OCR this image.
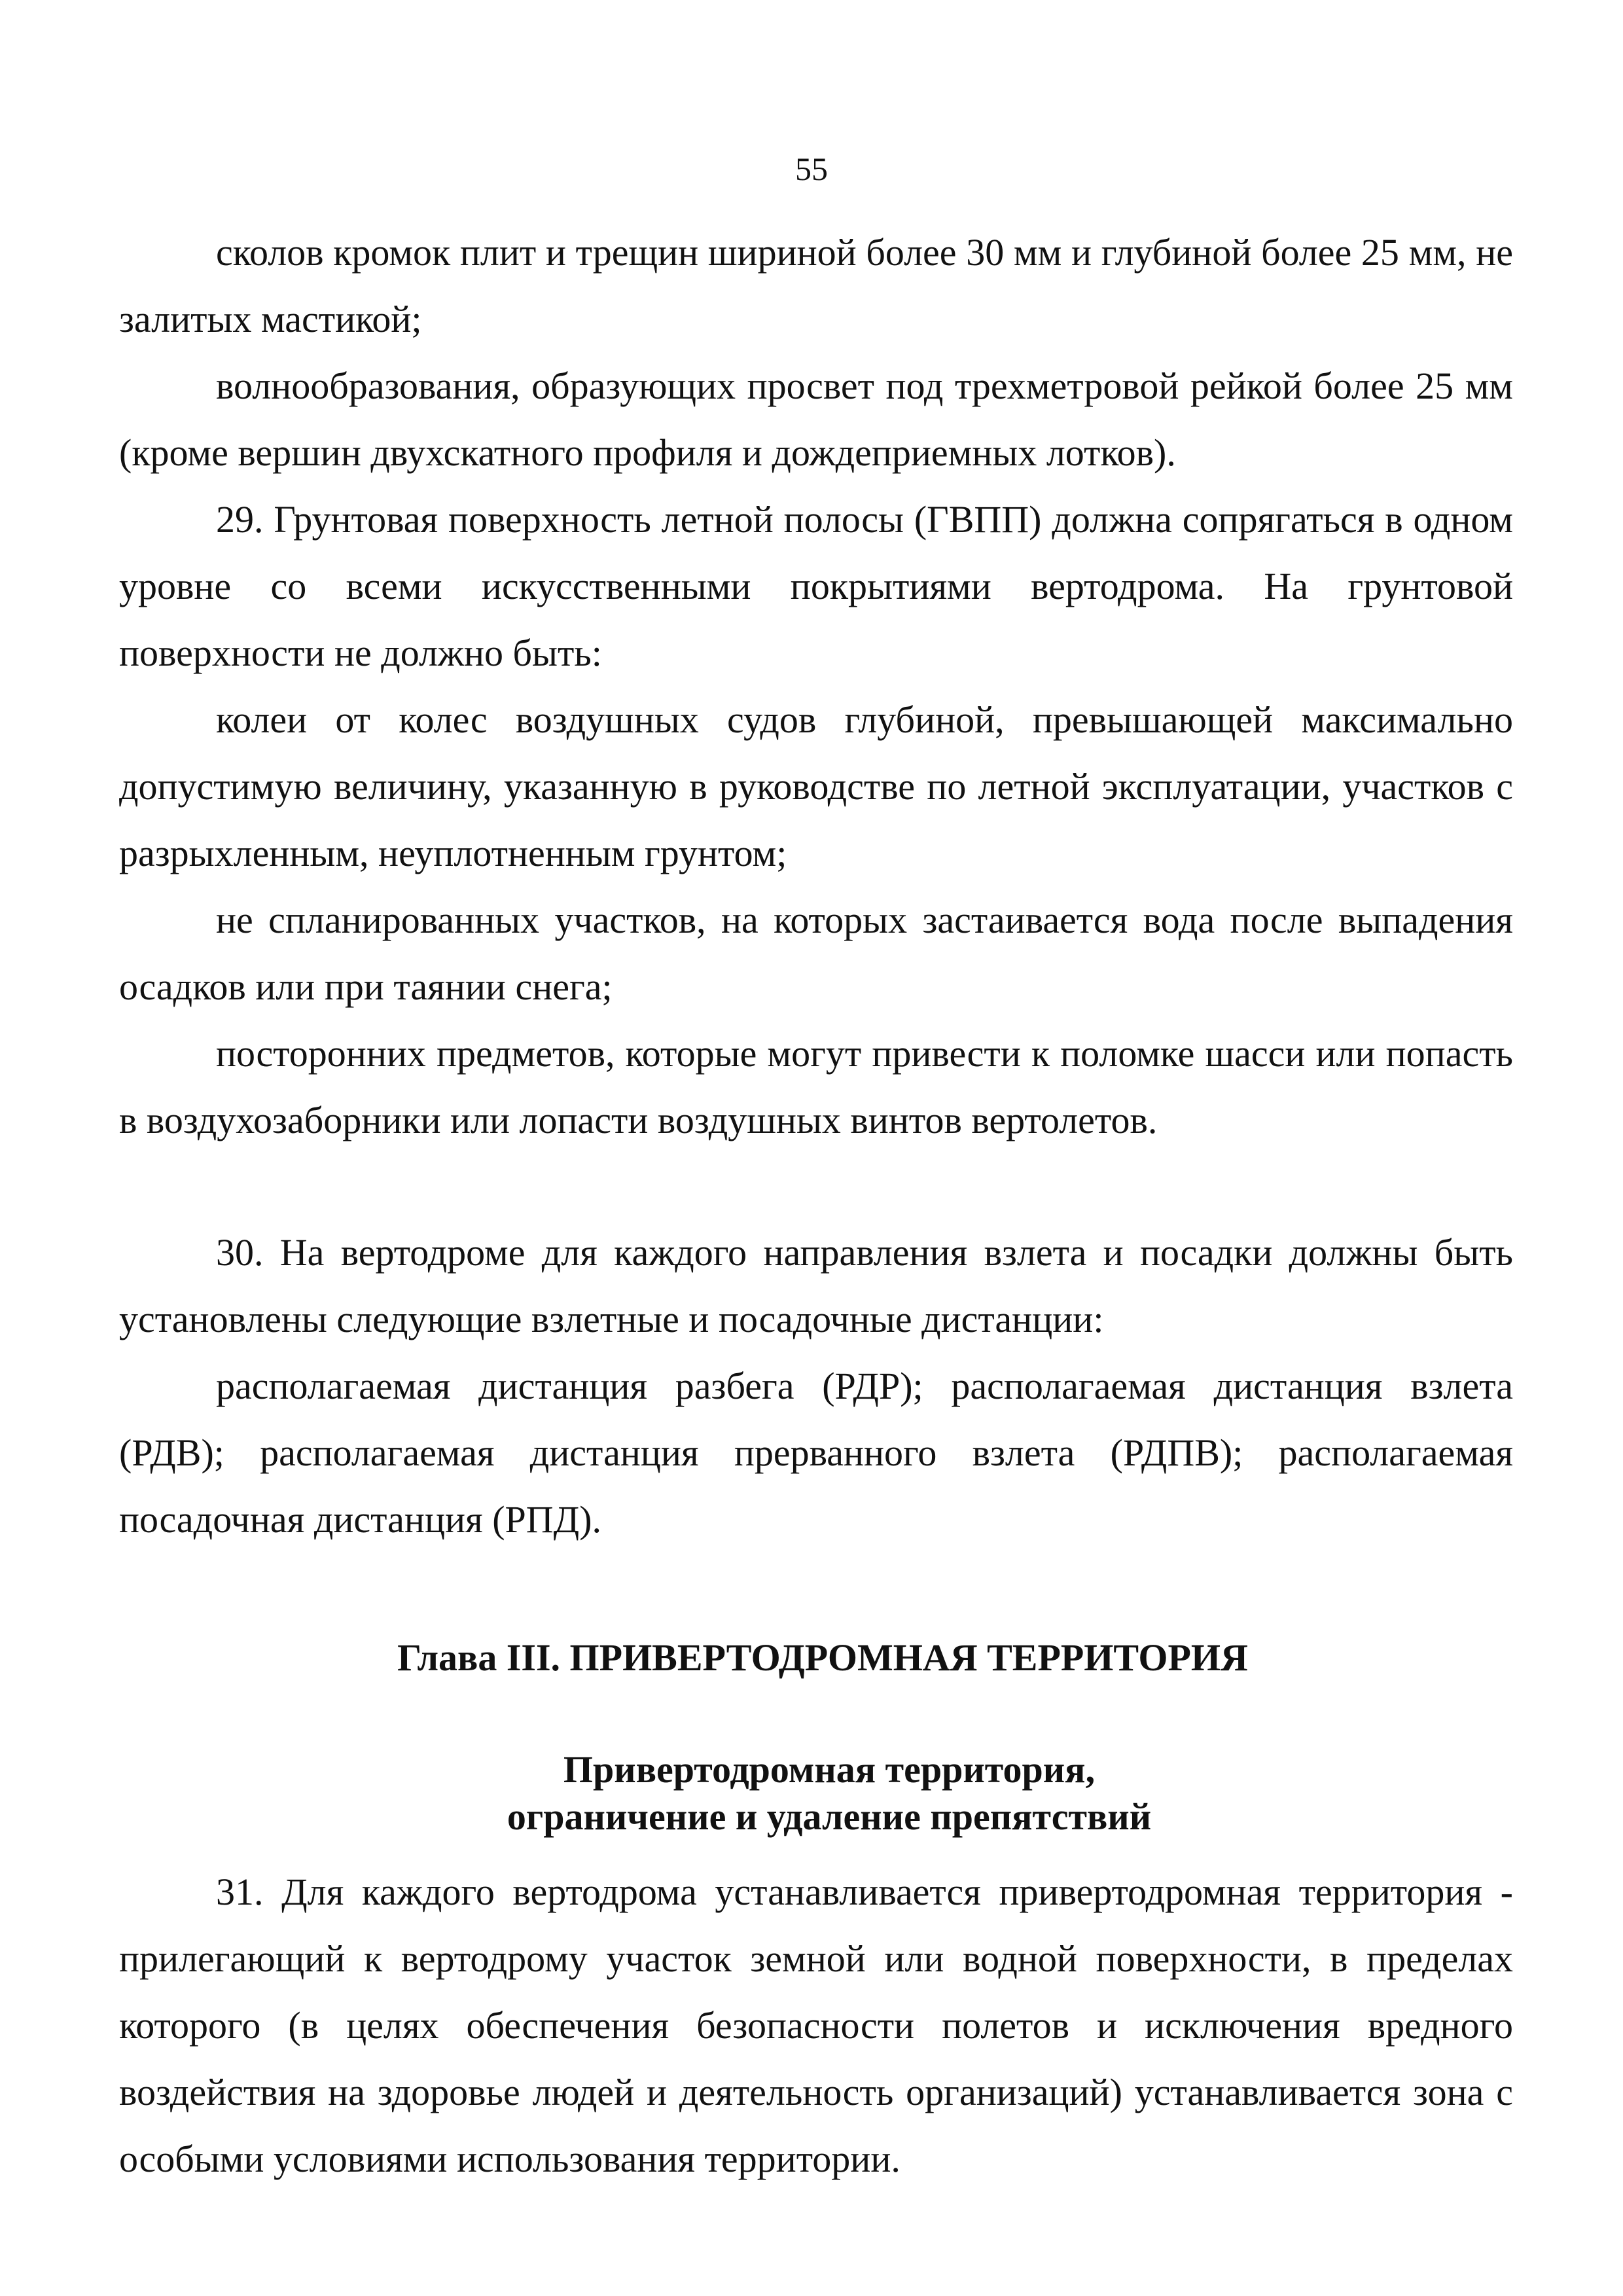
55

сколов кромок плит и трещин шириной более 30 мм и глубиной более 25 мм, не залитых мастикой;

волнообразования, образующих просвет под трехметровой рейкой более 25 мм (кроме вершин двухскатного профиля и дождеприемных лотков).

29. Грунтовая поверхность летной полосы (ГВПП) должна сопрягаться в одном уровне со всеми искусственными покрытиями вертодрома. На грунтовой поверхности не должно быть:

колеи от колес воздушных судов глубиной, превышающей максимально допустимую величину, указанную в руководстве по летной эксплуатации, участков с разрыхленным, неуплотненным грунтом;

не спланированных участков, на которых застаивается вода после выпадения осадков или при таянии снега;

посторонних предметов, которые могут привести к поломке шасси или попасть в воздухозаборники или лопасти воздушных винтов вертолетов.

30. На вертодроме для каждого направления взлета и посадки должны быть установлены следующие взлетные и посадочные дистанции:

располагаемая дистанция разбега (РДР); располагаемая дистанция взлета (РДВ); располагаемая дистанция прерванного взлета (РДПВ); располагаемая посадочная дистанция (РПД).

Глава III. ПРИВЕРТОДРОМНАЯ ТЕРРИТОРИЯ
Привертодромная территория,
ограничение и удаление препятствий

31. Для каждого вертодрома устанавливается привертодромная территория - прилегающий к вертодрому участок земной или водной поверхности, в пределах которого (в целях обеспечения безопасности полетов и исключения вредного воздействия на здоровье людей и деятельность организаций) устанавливается зона с особыми условиями использования территории.
